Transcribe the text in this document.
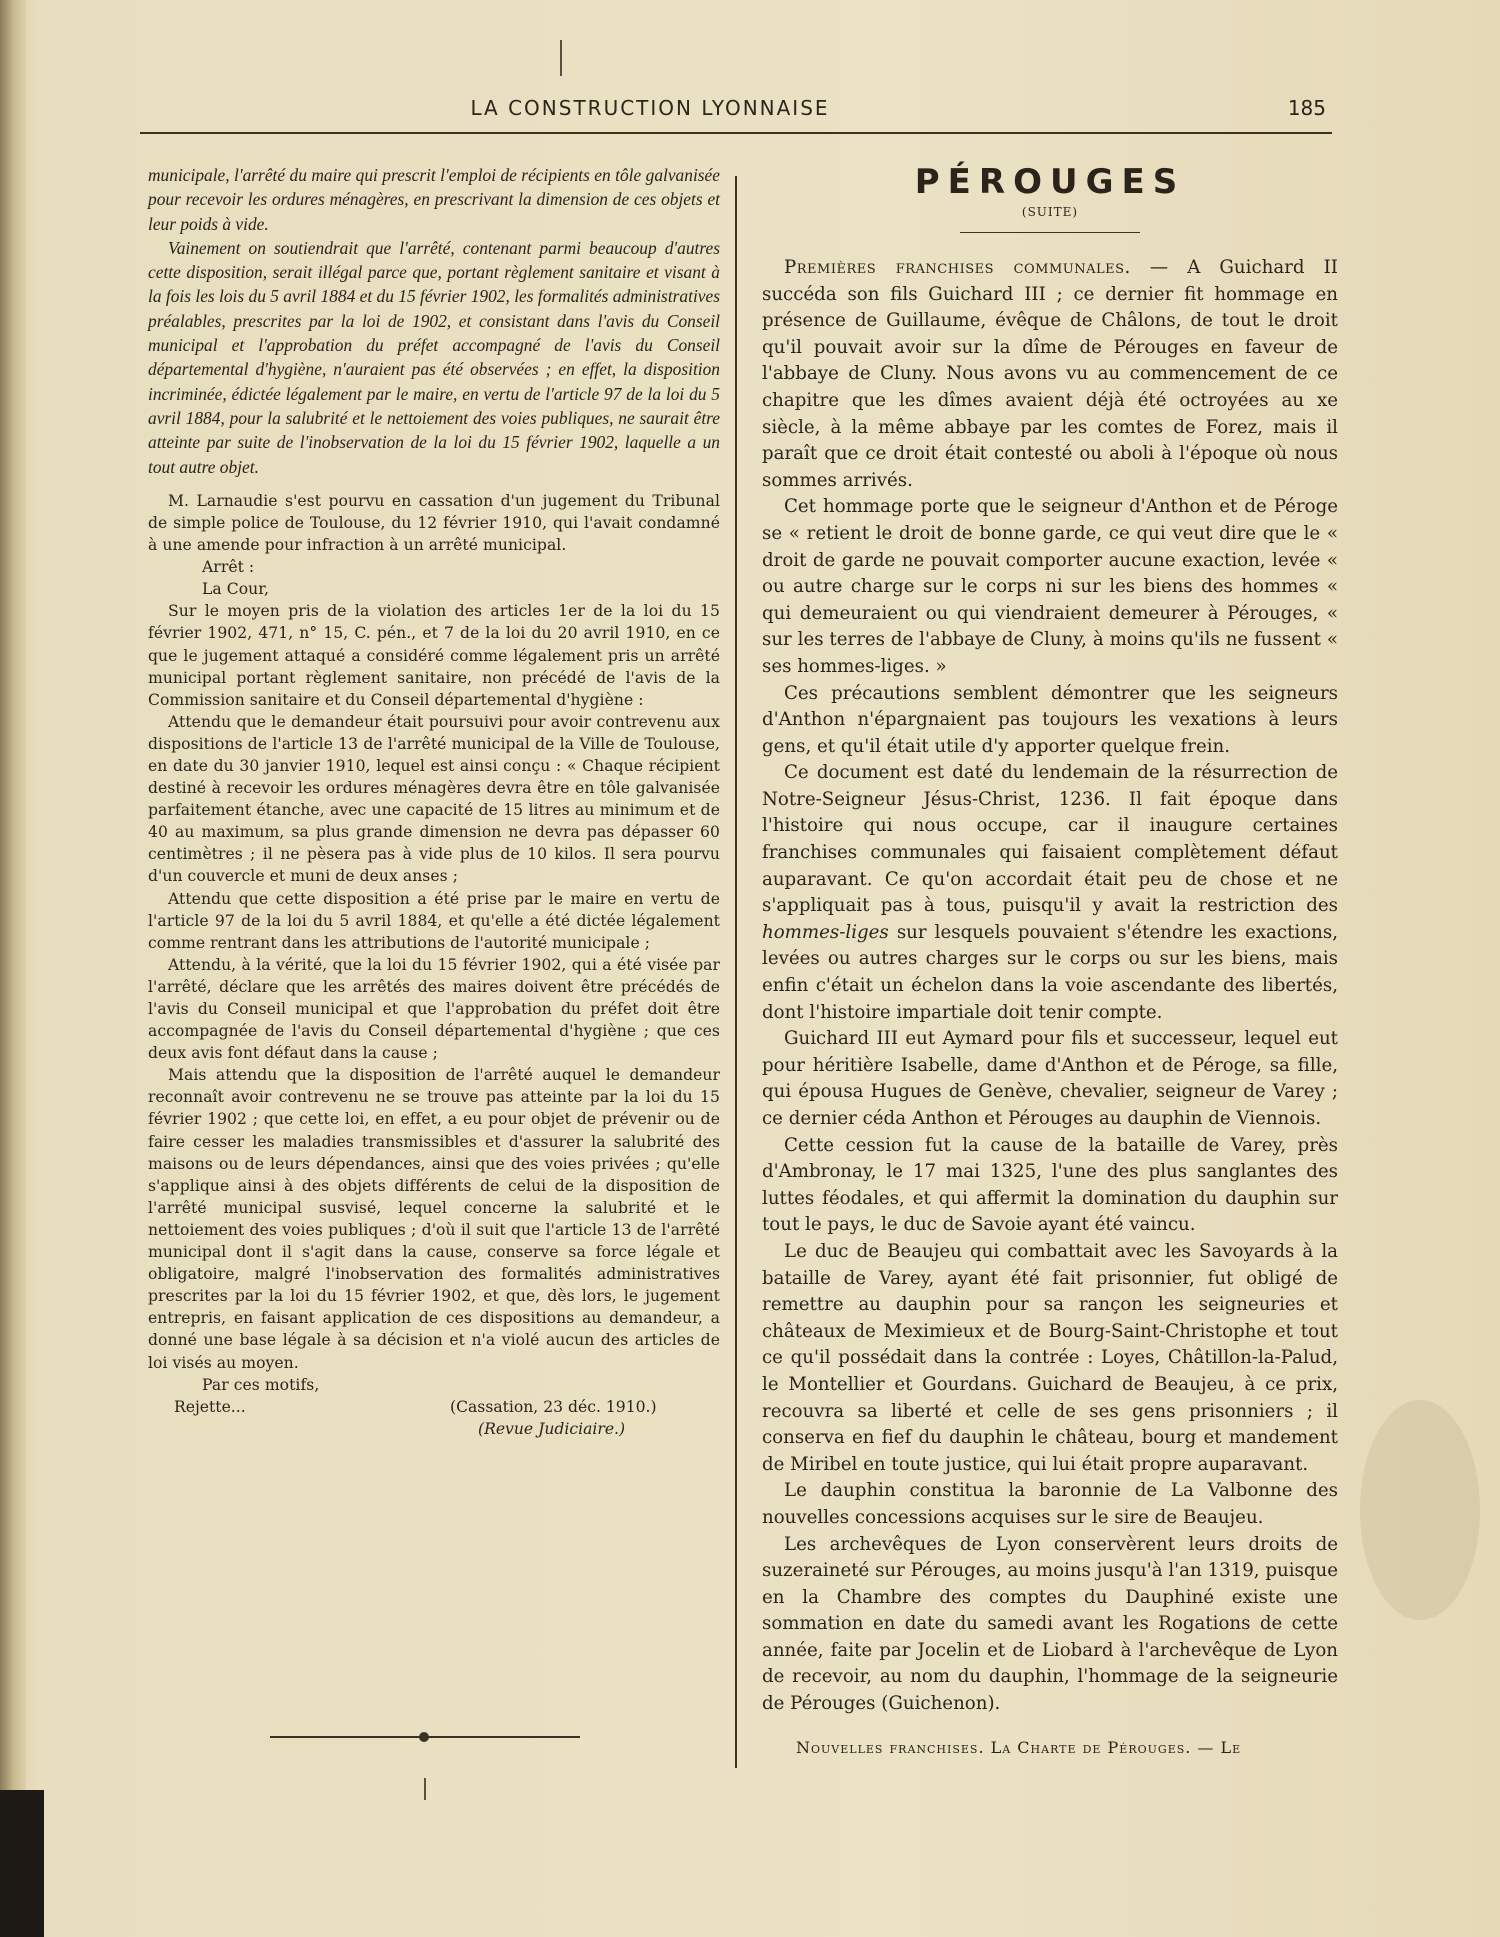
LA CONSTRUCTION LYONNAISE	185

municipale, l'arrêté du maire qui prescrit l'emploi de récipients en tôle galvanisée pour recevoir les ordures ménagères, en prescrivant la dimension de ces objets et leur poids à vide.

Vainement on soutiendrait que l'arrêté, contenant parmi beaucoup d'autres cette disposition, serait illégal parce que, portant règlement sanitaire et visant à la fois les lois du 5 avril 1884 et du 15 février 1902, les formalités administratives préalables, prescrites par la loi de 1902, et consistant dans l'avis du Conseil municipal et l'approbation du préfet accompagné de l'avis du Conseil départemental d'hygiène, n'auraient pas été observées ; en effet, la disposition incriminée, édictée légalement par le maire, en vertu de l'article 97 de la loi du 5 avril 1884, pour la salubrité et le nettoiement des voies publiques, ne saurait être atteinte par suite de l'inobservation de la loi du 15 février 1902, laquelle a un tout autre objet.

M. Larnaudie s'est pourvu en cassation d'un jugement du Tribunal de simple police de Toulouse, du 12 février 1910, qui l'avait condamné à une amende pour infraction à un arrêté municipal.

Arrêt :

La Cour,

Sur le moyen pris de la violation des articles 1er de la loi du 15 février 1902, 471, n° 15, C. pén., et 7 de la loi du 20 avril 1910, en ce que le jugement attaqué a considéré comme légalement pris un arrêté municipal portant règlement sanitaire, non précédé de l'avis de la Commission sanitaire et du Conseil départemental d'hygiène :

Attendu que le demandeur était poursuivi pour avoir contrevenu aux dispositions de l'article 13 de l'arrêté municipal de la Ville de Toulouse, en date du 30 janvier 1910, lequel est ainsi conçu : « Chaque récipient destiné à recevoir les ordures ménagères devra être en tôle galvanisée parfaitement étanche, avec une capacité de 15 litres au minimum et de 40 au maximum, sa plus grande dimension ne devra pas dépasser 60 centimètres ; il ne pèsera pas à vide plus de 10 kilos. Il sera pourvu d'un couvercle et muni de deux anses ;

Attendu que cette disposition a été prise par le maire en vertu de l'article 97 de la loi du 5 avril 1884, et qu'elle a été dictée légalement comme rentrant dans les attributions de l'autorité municipale ;

Attendu, à la vérité, que la loi du 15 février 1902, qui a été visée par l'arrêté, déclare que les arrêtés des maires doivent être précédés de l'avis du Conseil municipal et que l'approbation du préfet doit être accompagnée de l'avis du Conseil départemental d'hygiène ; que ces deux avis font défaut dans la cause ;

Mais attendu que la disposition de l'arrêté auquel le demandeur reconnaît avoir contrevenu ne se trouve pas atteinte par la loi du 15 février 1902 ; que cette loi, en effet, a eu pour objet de prévenir ou de faire cesser les maladies transmissibles et d'assurer la salubrité des maisons ou de leurs dépendances, ainsi que des voies privées ; qu'elle s'applique ainsi à des objets différents de celui de la disposition de l'arrêté municipal susvisé, lequel concerne la salubrité et le nettoiement des voies publiques ; d'où il suit que l'article 13 de l'arrêté municipal dont il s'agit dans la cause, conserve sa force légale et obligatoire, malgré l'inobservation des formalités administratives prescrites par la loi du 15 février 1902, et que, dès lors, le jugement entrepris, en faisant application de ces dispositions au demandeur, a donné une base légale à sa décision et n'a violé aucun des articles de loi visés au moyen.

Par ces motifs,

Rejette...	(Cassation, 23 déc. 1910.)
(Revue Judiciaire.)
PÉROUGES
(SUITE)

Premières franchises communales. — A Guichard II succéda son fils Guichard III ; ce dernier fit hommage en présence de Guillaume, évêque de Châlons, de tout le droit qu'il pouvait avoir sur la dîme de Pérouges en faveur de l'abbaye de Cluny. Nous avons vu au commencement de ce chapitre que les dîmes avaient déjà été octroyées au xe siècle, à la même abbaye par les comtes de Forez, mais il paraît que ce droit était contesté ou aboli à l'époque où nous sommes arrivés.

Cet hommage porte que le seigneur d'Anthon et de Péroge se « retient le droit de bonne garde, ce qui veut dire que le « droit de garde ne pouvait comporter aucune exaction, levée « ou autre charge sur le corps ni sur les biens des hommes « qui demeuraient ou qui viendraient demeurer à Pérouges, « sur les terres de l'abbaye de Cluny, à moins qu'ils ne fussent « ses hommes-liges. »

Ces précautions semblent démontrer que les seigneurs d'Anthon n'épargnaient pas toujours les vexations à leurs gens, et qu'il était utile d'y apporter quelque frein.

Ce document est daté du lendemain de la résurrection de Notre-Seigneur Jésus-Christ, 1236. Il fait époque dans l'histoire qui nous occupe, car il inaugure certaines franchises communales qui faisaient complètement défaut auparavant. Ce qu'on accordait était peu de chose et ne s'appliquait pas à tous, puisqu'il y avait la restriction des hommes-liges sur lesquels pouvaient s'étendre les exactions, levées ou autres charges sur le corps ou sur les biens, mais enfin c'était un échelon dans la voie ascendante des libertés, dont l'histoire impartiale doit tenir compte.

Guichard III eut Aymard pour fils et successeur, lequel eut pour héritière Isabelle, dame d'Anthon et de Péroge, sa fille, qui épousa Hugues de Genève, chevalier, seigneur de Varey ; ce dernier céda Anthon et Pérouges au dauphin de Viennois.

Cette cession fut la cause de la bataille de Varey, près d'Ambronay, le 17 mai 1325, l'une des plus sanglantes des luttes féodales, et qui affermit la domination du dauphin sur tout le pays, le duc de Savoie ayant été vaincu.

Le duc de Beaujeu qui combattait avec les Savoyards à la bataille de Varey, ayant été fait prisonnier, fut obligé de remettre au dauphin pour sa rançon les seigneuries et châteaux de Meximieux et de Bourg-Saint-Christophe et tout ce qu'il possédait dans la contrée : Loyes, Châtillon-la-Palud, le Montellier et Gourdans. Guichard de Beaujeu, à ce prix, recouvra sa liberté et celle de ses gens prisonniers ; il conserva en fief du dauphin le château, bourg et mandement de Miribel en toute justice, qui lui était propre auparavant.

Le dauphin constitua la baronnie de La Valbonne des nouvelles concessions acquises sur le sire de Beaujeu.

Les archevêques de Lyon conservèrent leurs droits de suzeraineté sur Pérouges, au moins jusqu'à l'an 1319, puisque en la Chambre des comptes du Dauphiné existe une sommation en date du samedi avant les Rogations de cette année, faite par Jocelin et de Liobard à l'archevêque de Lyon de recevoir, au nom du dauphin, l'hommage de la seigneurie de Pérouges (Guichenon).

Nouvelles franchises. La Charte de Pérouges. — Le
